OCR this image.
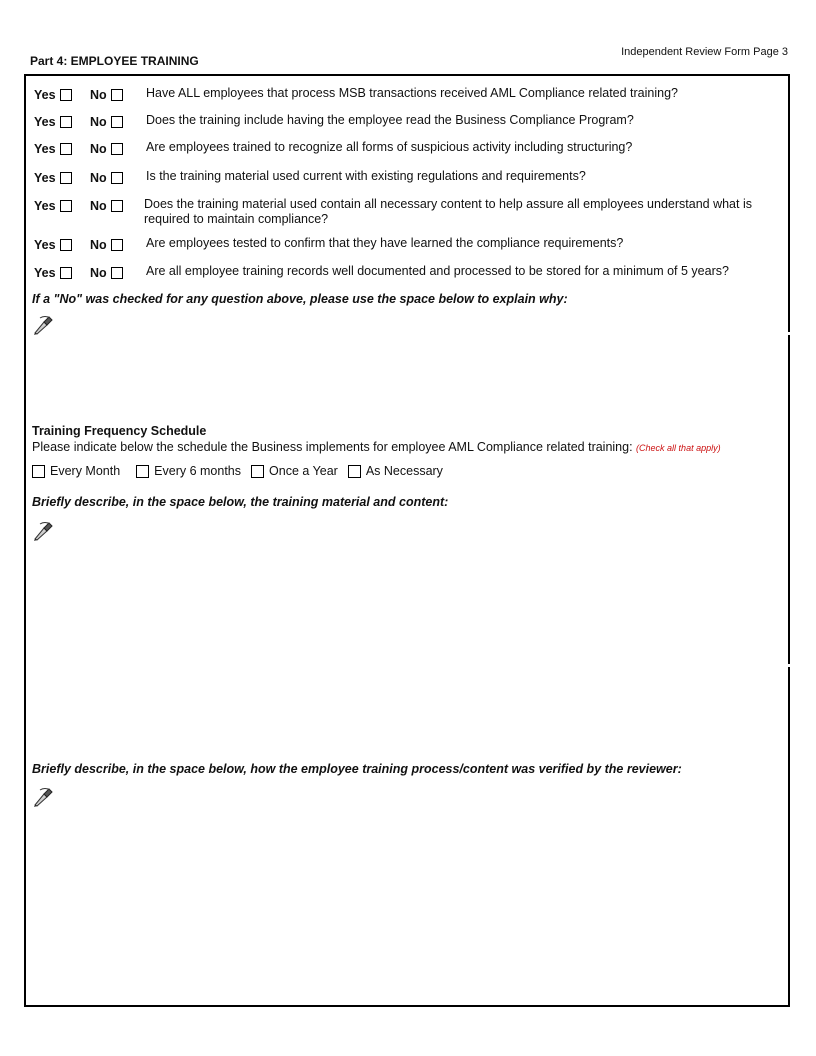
Independent Review Form Page 3
Part 4: EMPLOYEE TRAINING
Yes	No	Have ALL employees that process MSB transactions received AML Compliance related training?
Yes	No	Does the training include having the employee read the Business Compliance Program?
Yes	No	Are employees trained to recognize all forms of suspicious activity including structuring?
Yes	No	Is the training material used current with existing regulations and requirements?
Yes	No	Does the training material used contain all necessary content to help assure all employees understand what is required to maintain compliance?
Yes	No	Are employees tested to confirm that they have learned the compliance requirements?
Yes	No	Are all employee training records well documented and processed to be stored for a minimum of 5 years?
If a "No" was checked for any question above, please use the space below to explain why:
Training Frequency Schedule
Please indicate below the schedule the Business implements for employee AML Compliance related training: (Check all that apply)
Every Month	Every 6 months Once a Year As Necessary
Briefly describe, in the space below, the training material and content:
Briefly describe, in the space below, how the employee training process/content was verified by the reviewer:
